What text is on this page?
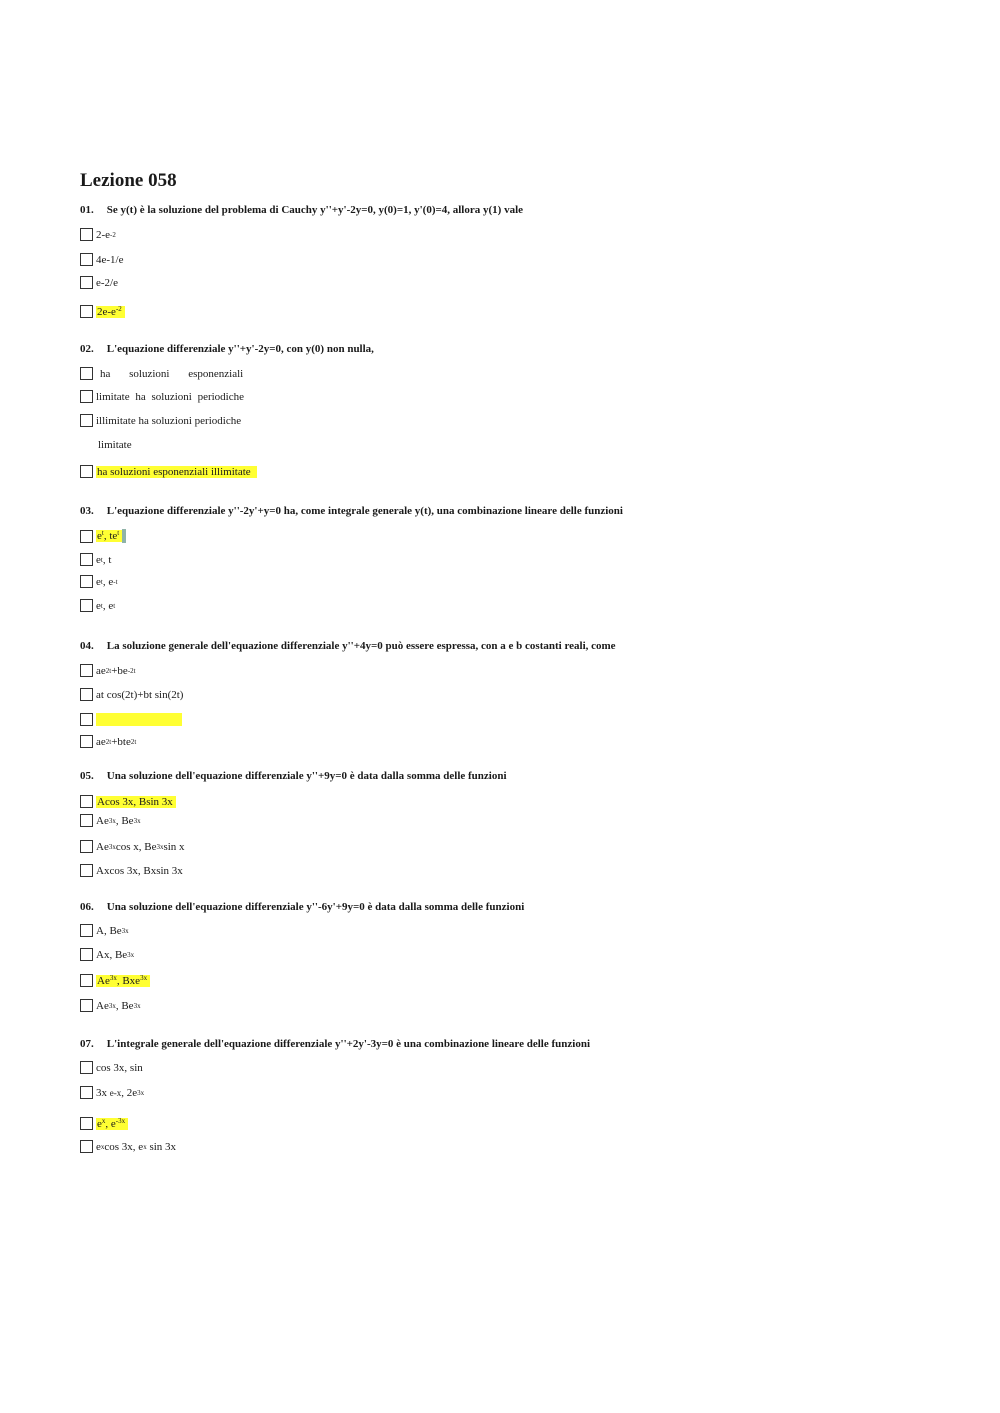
Lezione 058
01. Se y(t) è la soluzione del problema di Cauchy y''+y'-2y=0, y(0)=1, y'(0)=4, allora y(1) vale
2-e -2
4e-1/e
e-2/e
$2e-e^{-2}$
02. L'equazione differenziale y''+y'-2y=0, con y(0) non nulla,
ha soluzioni esponenziali
limitate ha soluzioni periodiche
illimitate ha soluzioni periodiche
limitate
ha soluzioni esponenziali illimitate
03. L'equazione differenziale y''-2y'+y=0 ha, come integrale generale y(t), una combinazione lineare delle funzioni
$e^t$, $te^t$
e t , t
e t , e -t
e t , e t
04. La soluzione generale dell'equazione differenziale y''+4y=0 può essere espressa, con a e b costanti reali, come
ae 2t +be -2t
at cos(2t)+bt sin(2t)
ae 2t +bte 2t
05. Una soluzione dell'equazione differenziale y''+9y=0 è data dalla somma delle funzioni
Acos 3x, Bsin 3x
Ae 3x , Be 3x
Ae 3x cos x, Be 3x sin x
Axcos 3x, Bxsin 3x
06. Una soluzione dell'equazione differenziale y''-6y'+9y=0 è data dalla somma delle funzioni
A, Be 3x
Ax, Be 3x
$Ae^{3x}$, Bxe$^{3x}$
Ae 3x , Be 3x
07. L'integrale generale dell'equazione differenziale y''+2y'-3y=0 è una combinazione lineare delle funzioni
cos 3x, sin
3x
e-x , 2e 3x
$e^x$, $e^{-3x}$
e x cos 3x, e x
sin 3x
